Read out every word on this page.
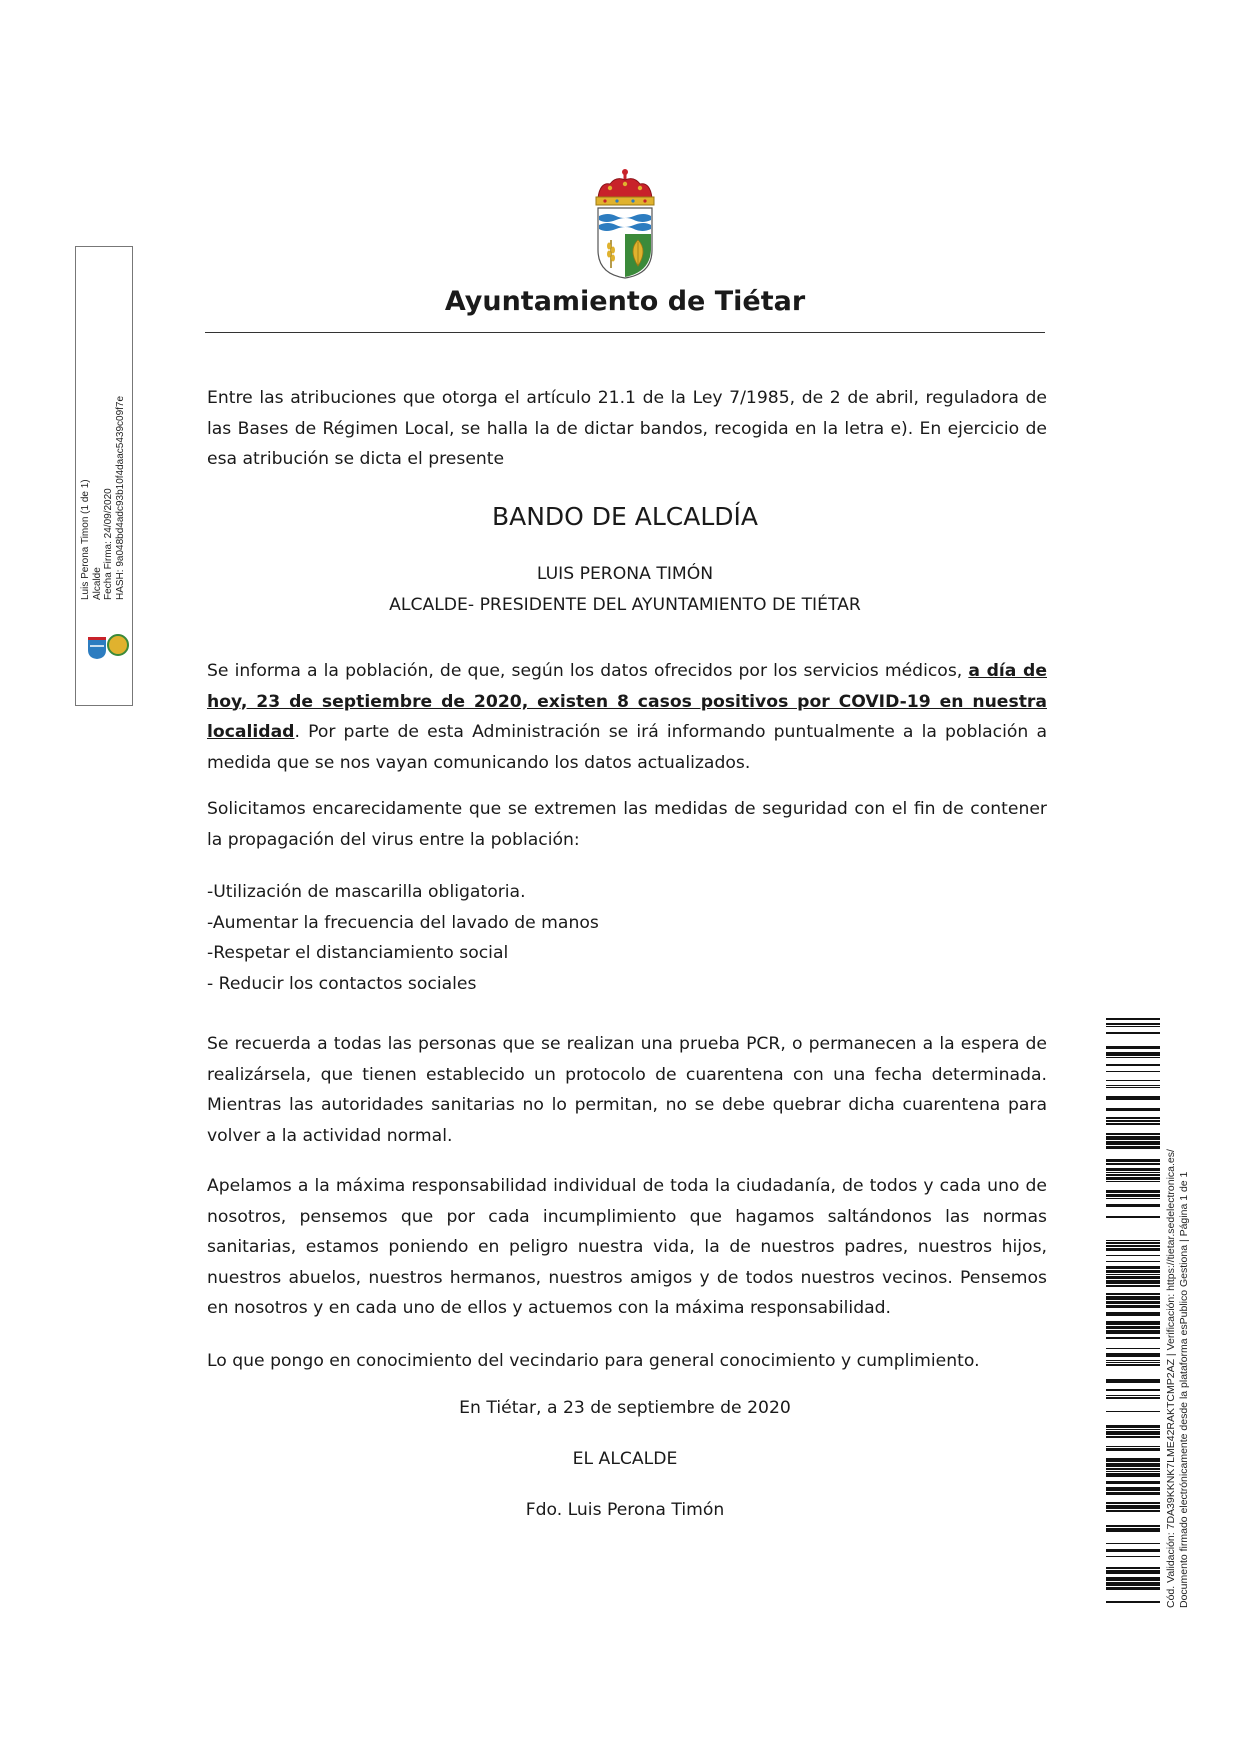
Ayuntamiento de Tiétar
Luis Perona Timon (1 de 1) Alcalde Fecha Firma: 24/09/2020 HASH: 9a048bd4adc93b10f4daac5439c09f7e	Entre las atribuciones que otorga el artículo 21.1 de la Ley 7/1985, de 2 de abril, reguladora de las Bases de Régimen Local, se halla la de dictar bandos, recogida en la letra e). En ejercicio de esa atribución se dicta el presente
BANDO DE ALCALDÍA
LUIS PERONA TIMÓN
ALCALDE- PRESIDENTE DEL AYUNTAMIENTO DE TIÉTAR
Se informa a la población, de que, según los datos ofrecidos por los servicios médicos, a día de hoy, 23 de septiembre de 2020, existen 8 casos positivos por COVID-19 en nuestra localidad. Por parte de esta Administración se irá informando puntualmente a la población a medida que se nos vayan comunicando los datos actualizados.
Solicitamos encarecidamente que se extremen las medidas de seguridad con el fin de contener la propagación del virus entre la población:
-Utilización de mascarilla obligatoria.
-Aumentar la frecuencia del lavado de manos
-Respetar el distanciamiento social
- Reducir los contactos sociales
Se recuerda a todas las personas que se realizan una prueba PCR, o permanecen a la espera de realizársela, que tienen establecido un protocolo de cuarentena con una fecha determinada. Mientras las autoridades sanitarias no lo permitan, no se debe quebrar dicha cuarentena para volver a la actividad normal.
Apelamos a la máxima responsabilidad individual de toda la ciudadanía, de todos y cada uno de nosotros, pensemos que por cada incumplimiento que hagamos saltándonos las normas sanitarias, estamos poniendo en peligro nuestra vida, la de nuestros padres, nuestros hijos, nuestros abuelos, nuestros hermanos, nuestros amigos y de todos nuestros vecinos. Pensemos en nosotros y en cada uno de ellos y actuemos con la máxima responsabilidad.
Lo que pongo en conocimiento del vecindario para general conocimiento y cumplimiento.
En Tiétar, a 23 de septiembre de 2020
EL ALCALDE
Fdo. Luis Perona Timón	Cód. Validación: 7DA39KKNK7LME42RAKTCMP2AZ | Verificación: https://tietar.sedelectronica.es/ Documento firmado electrónicamente desde la plataforma esPublico Gestiona | Página 1 de 1
